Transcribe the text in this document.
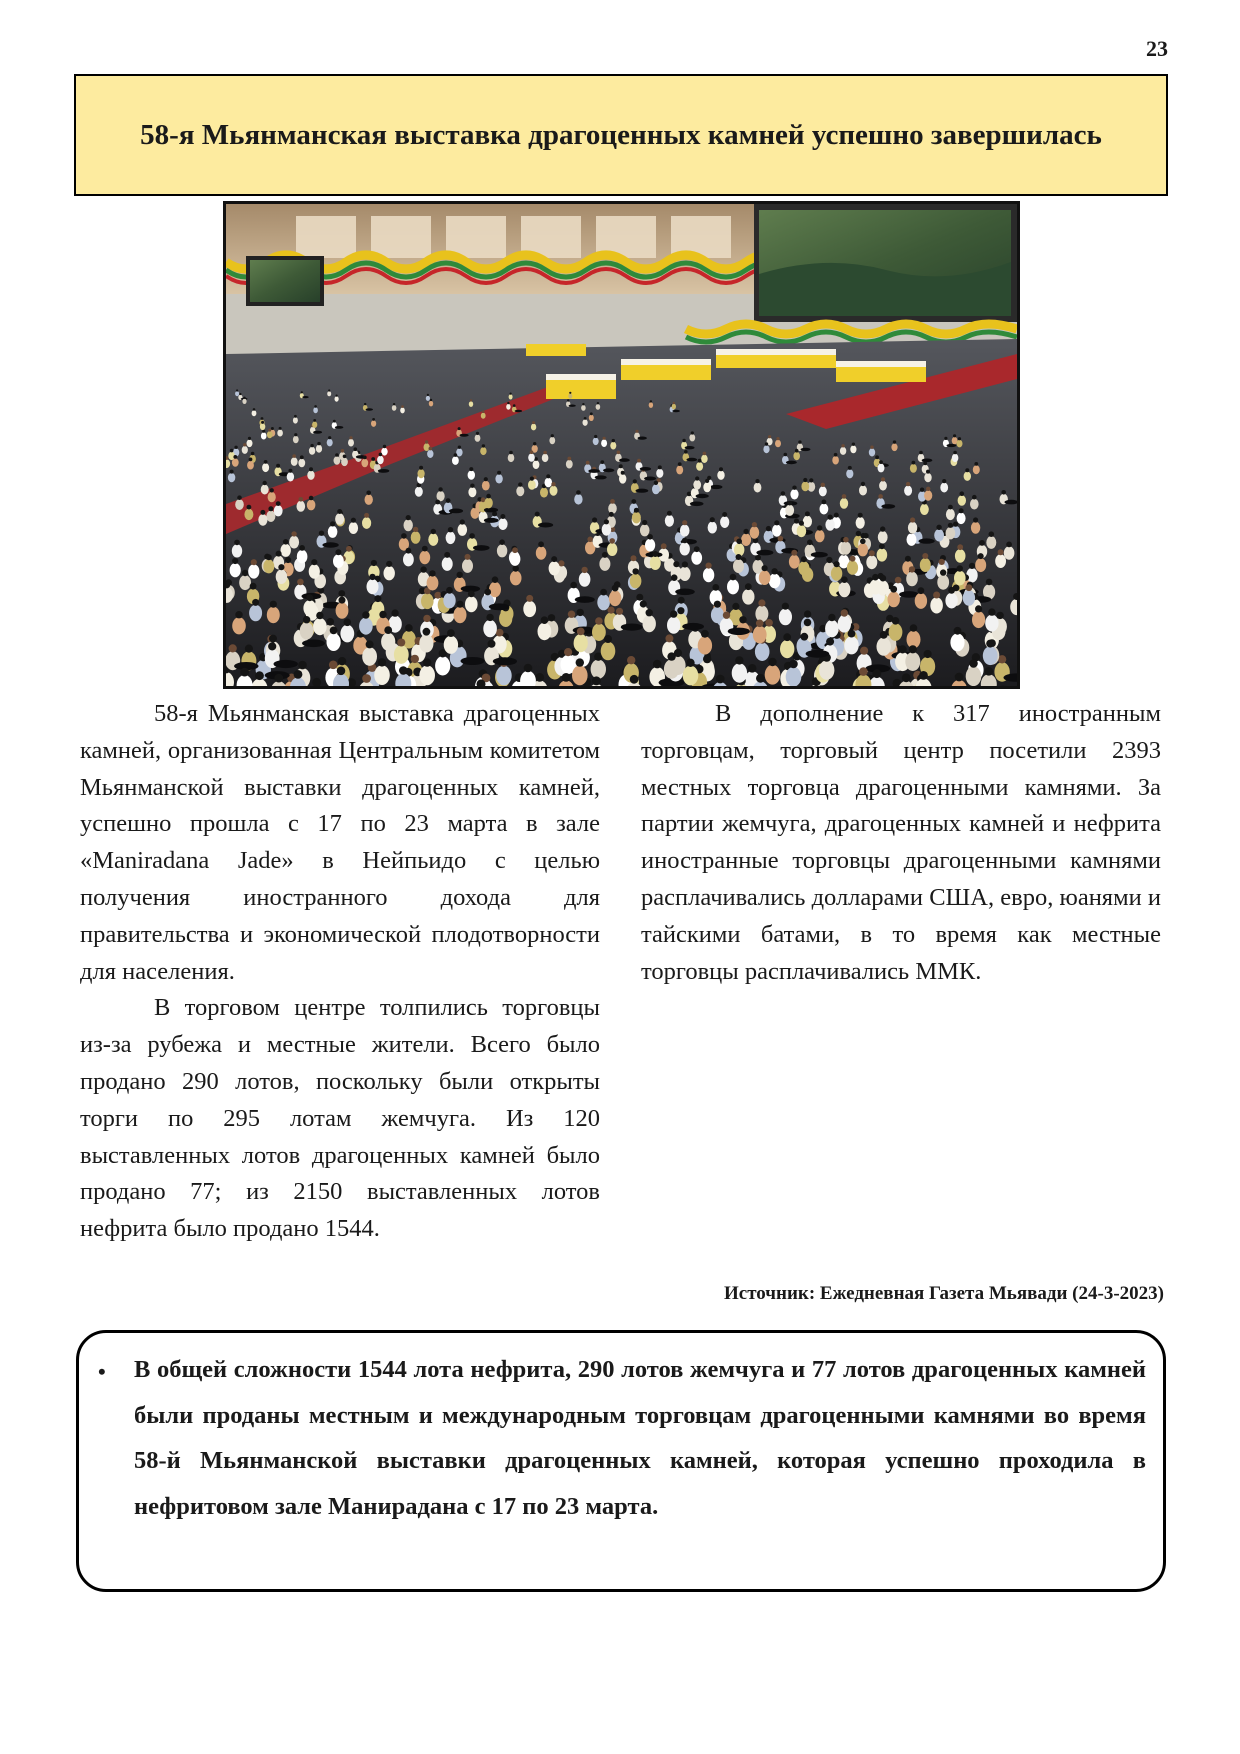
23
58-я Мьянманская выставка драгоценных камней успешно завершилась

58-я Мьянманская выставка драгоценных камней, организованная Центральным комитетом Мьянманской выставки драгоценных камней, успешно прошла с 17 по 23 марта в зале «Maniradana Jade» в Нейпьидо с целью получения иностранного дохода для правительства и экономической плодотворности для населения.

В торговом центре толпились торговцы из-за рубежа и местные жители. Всего было продано 290 лотов, поскольку были открыты торги по 295 лотам жемчуга. Из 120 выставленных лотов драгоценных камней было продано 77; из 2150 выставленных лотов нефрита было продано 1544.

В дополнение к 317 иностранным торговцам, торговый центр посетили 2393 местных торговца драгоценными камнями. За партии жемчуга, драгоценных камней и нефрита иностранные торговцы драгоценными камнями расплачивались долларами США, евро, юанями и тайскими батами, в то время как местные торговцы расплачивались ММК.

Источник: Ежедневная Газета Мьявади (24-3-2023)
• В общей сложности 1544 лота нефрита, 290 лотов жемчуга и 77 лотов драгоценных камней были проданы местным и международным торговцам драгоценными камнями во время 58-й Мьянманской выставки драгоценных камней, которая успешно проходила в нефритовом зале Маниpадана с 17 по 23 марта.
